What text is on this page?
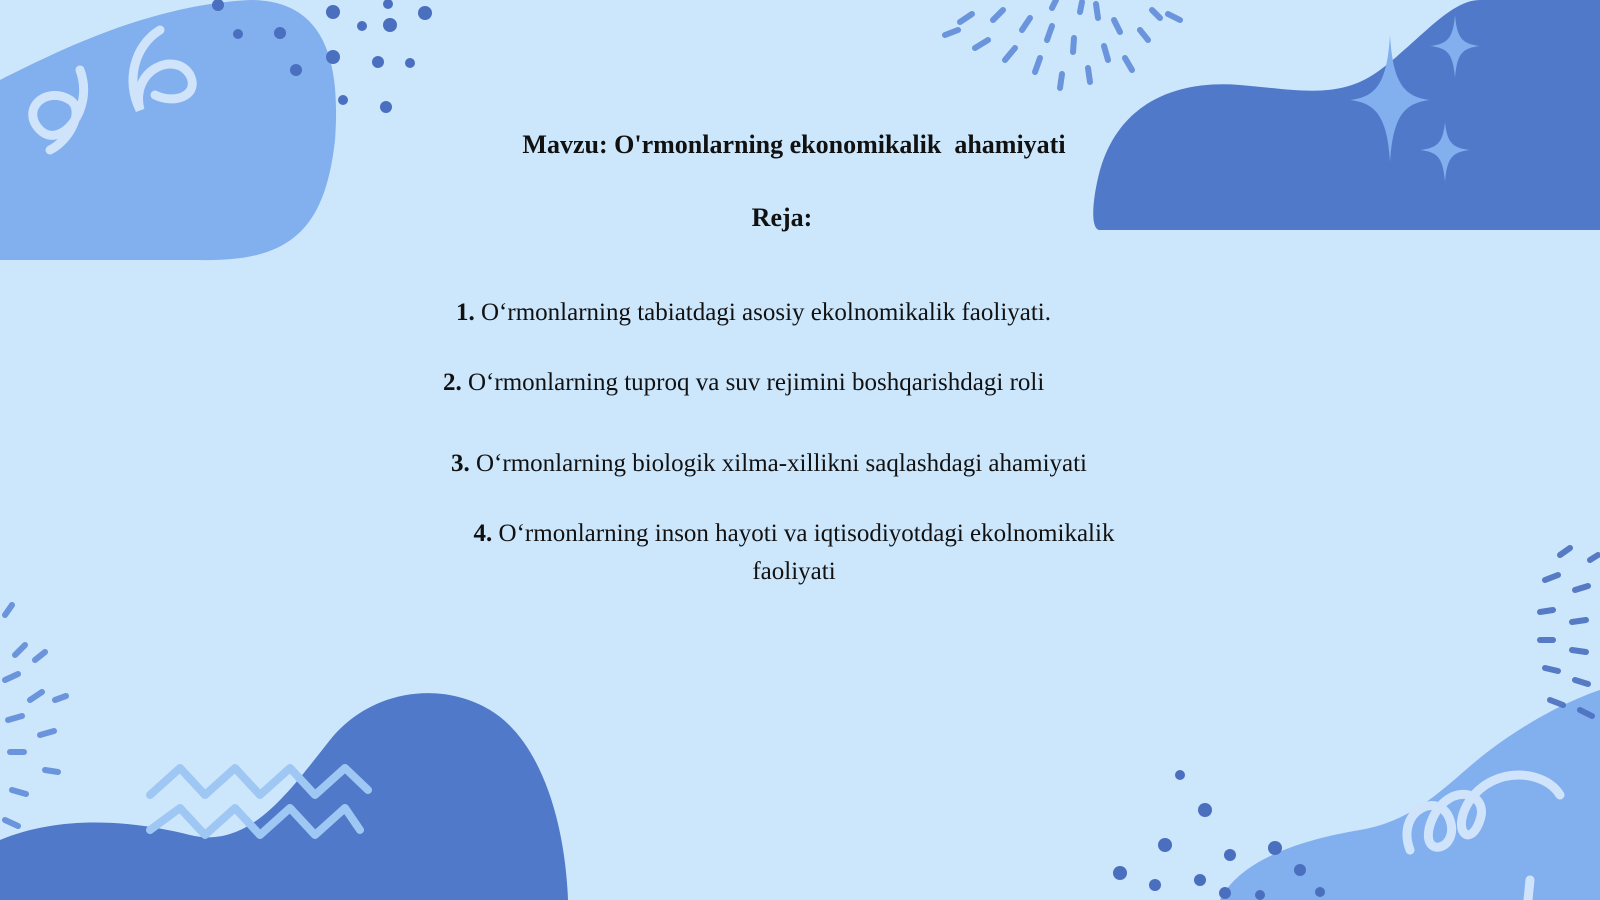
Mavzu: O'rmonlarning ekonomikalik  ahamiyati
Reja:
1. O‘rmonlarning tabiatdagi asosiy ekolnomikalik faoliyati.
2. O‘rmonlarning tuproq va suv rejimini boshqarishdagi roli
3. O‘rmonlarning biologik xilma-xillikni saqlashdagi ahamiyati
4. O‘rmonlarning inson hayoti va iqtisodiyotdagi ekolnomikalik faoliyati
